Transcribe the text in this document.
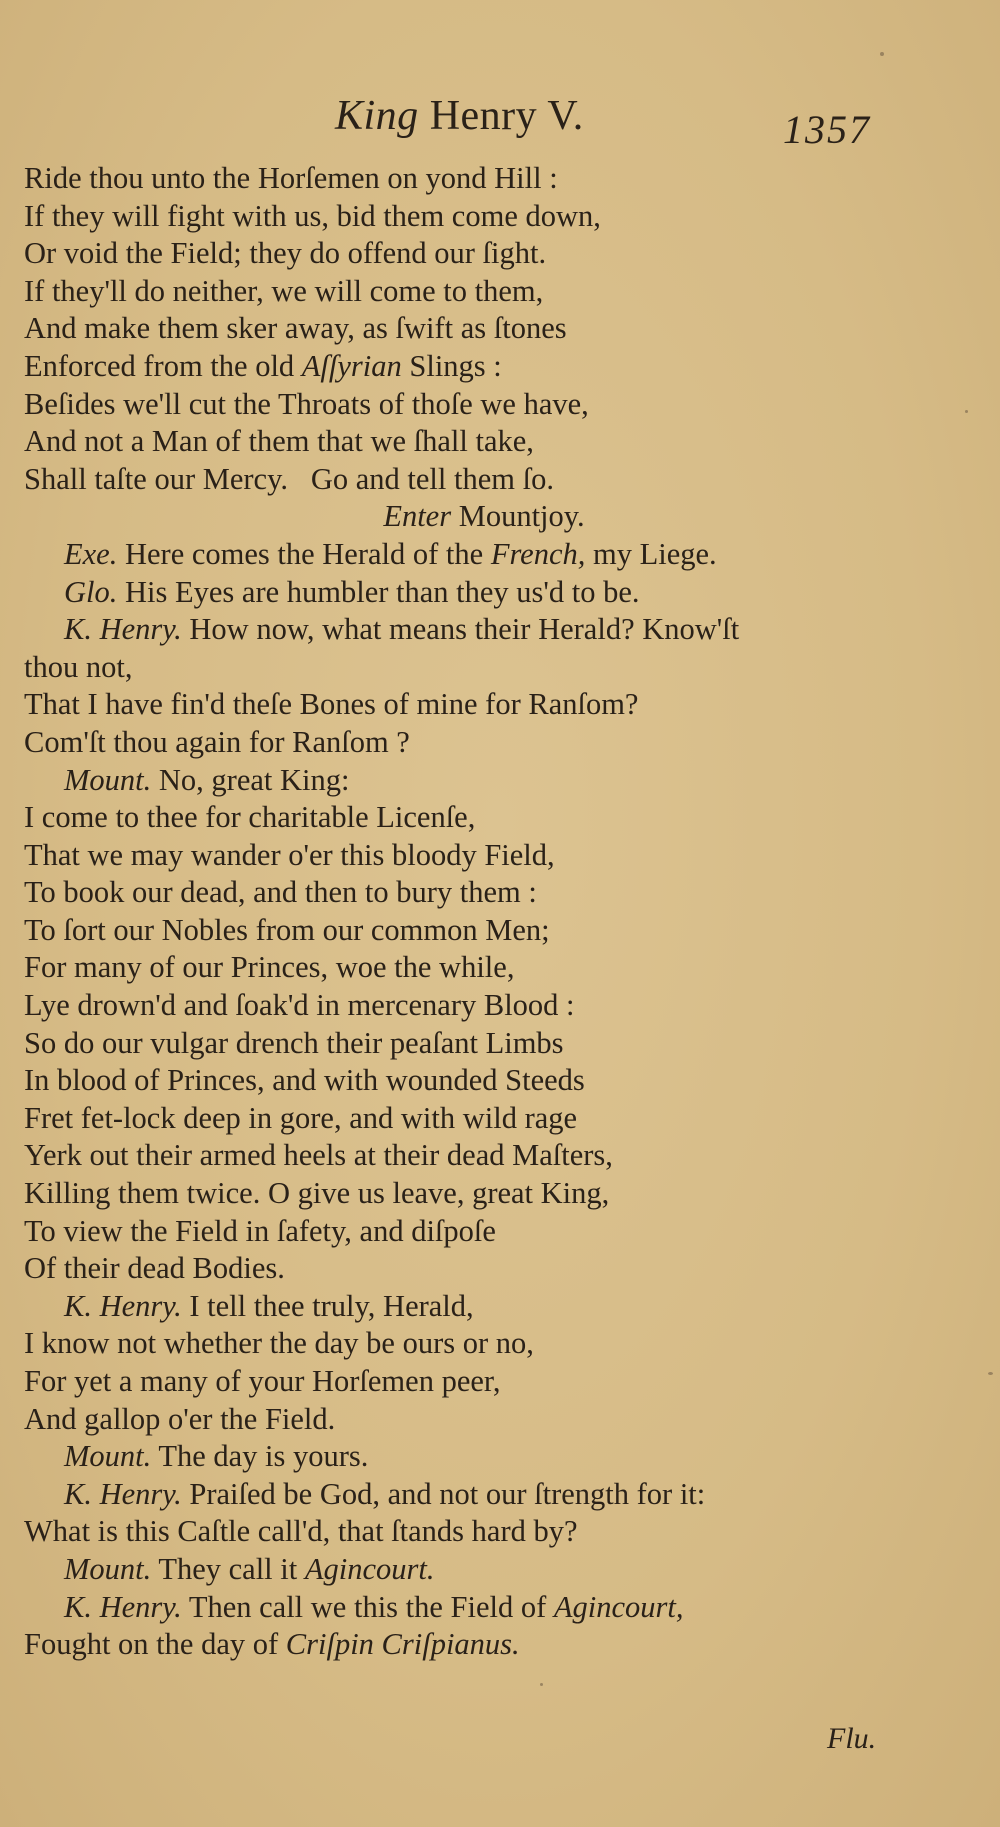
King Henry V.	1357
Ride thou unto the Horſemen on yond Hill :
If they will fight with us, bid them come down,
Or void the Field; they do offend our ſight.
If they'll do neither, we will come to them,
And make them sker away, as ſwift as ſtones
Enforced from the old Aſſyrian Slings :
Beſides we'll cut the Throats of thoſe we have,
And not a Man of them that we ſhall take,
Shall taſte our Mercy.   Go and tell them ſo.
Enter Mountjoy.
Exe. Here comes the Herald of the French, my Liege.
Glo. His Eyes are humbler than they us'd to be.
K. Henry. How now, what means their Herald? Know'ſt
thou not,
That I have fin'd theſe Bones of mine for Ranſom?
Com'ſt thou again for Ranſom ?
Mount. No, great King:
I come to thee for charitable Licenſe,
That we may wander o'er this bloody Field,
To book our dead, and then to bury them :
To ſort our Nobles from our common Men;
For many of our Princes, woe the while,
Lye drown'd and ſoak'd in mercenary Blood :
So do our vulgar drench their peaſant Limbs
In blood of Princes, and with wounded Steeds
Fret fet-lock deep in gore, and with wild rage
Yerk out their armed heels at their dead Maſters,
Killing them twice. O give us leave, great King,
To view the Field in ſafety, and diſpoſe
Of their dead Bodies.
K. Henry. I tell thee truly, Herald,
I know not whether the day be ours or no,
For yet a many of your Horſemen peer,
And gallop o'er the Field.
Mount. The day is yours.
K. Henry. Praiſed be God, and not our ſtrength for it:
What is this Caſtle call'd, that ſtands hard by?
Mount. They call it Agincourt.
K. Henry. Then call we this the Field of Agincourt,
Fought on the day of Criſpin Criſpianus.
Flu.
